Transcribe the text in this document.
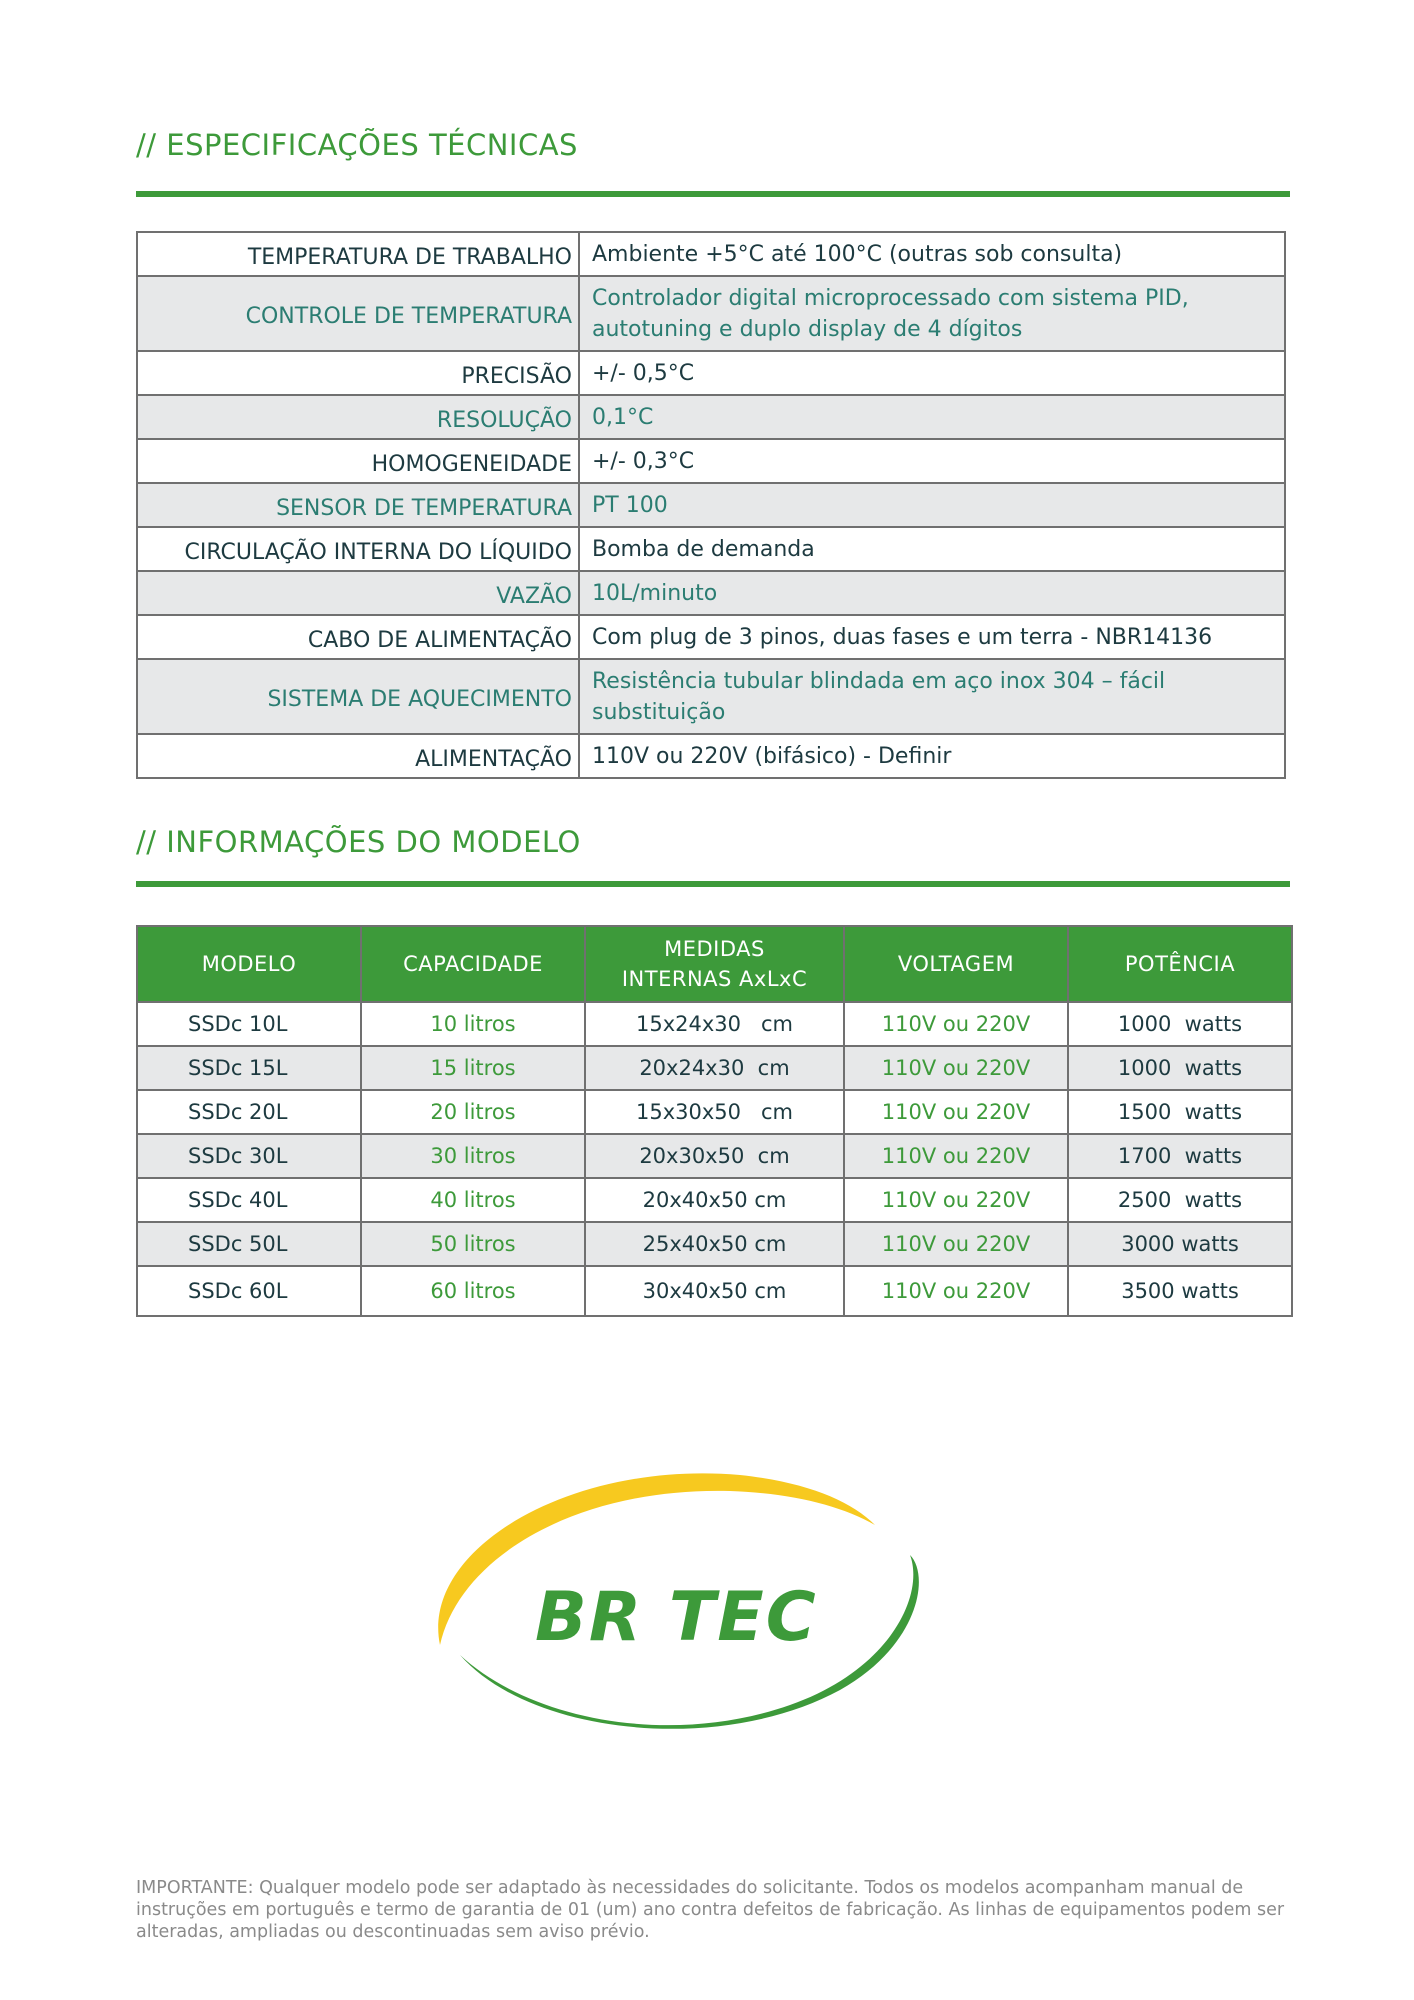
// ESPECIFICAÇÕES TÉCNICAS
TEMPERATURA DE TRABALHO	Ambiente +5°C até 100°C (outras sob consulta)
CONTROLE DE TEMPERATURA	Controlador digital microprocessado com sistema PID, autotuning e duplo display de 4 dígitos
PRECISÃO	+/- 0,5°C
RESOLUÇÃO	0,1°C
HOMOGENEIDADE	+/- 0,3°C
SENSOR DE TEMPERATURA	PT 100
CIRCULAÇÃO INTERNA DO LÍQUIDO	Bomba de demanda
VAZÃO	10L/minuto
CABO DE ALIMENTAÇÃO	Com plug de 3 pinos, duas fases e um terra - NBR14136
SISTEMA DE AQUECIMENTO	Resistência tubular blindada em aço inox 304 – fácil substituição
ALIMENTAÇÃO	110V ou 220V (bifásico) - Definir
// INFORMAÇÕES DO MODELO
MODELO	CAPACIDADE	MEDIDAS INTERNAS AxLxC	VOLTAGEM	POTÊNCIA
SSDc 10L	10 litros	15x24x30   cm	110V ou 220V	1000  watts
SSDc 15L	15 litros	20x24x30  cm	110V ou 220V	1000  watts
SSDc 20L	20 litros	15x30x50   cm	110V ou 220V	1500  watts
SSDc 30L	30 litros	20x30x50  cm	110V ou 220V	1700  watts
SSDc 40L	40 litros	20x40x50 cm	110V ou 220V	2500  watts
SSDc 50L	50 litros	25x40x50 cm	110V ou 220V	3000 watts
SSDc 60L	60 litros	30x40x50 cm	110V ou 220V	3500 watts
BR TEC

IMPORTANTE: Qualquer modelo pode ser adaptado às necessidades do solicitante. Todos os modelos acompanham manual de instruções em português e termo de garantia de 01 (um) ano contra defeitos de fabricação. As linhas de equipamentos podem ser alteradas, ampliadas ou descontinuadas sem aviso prévio.
